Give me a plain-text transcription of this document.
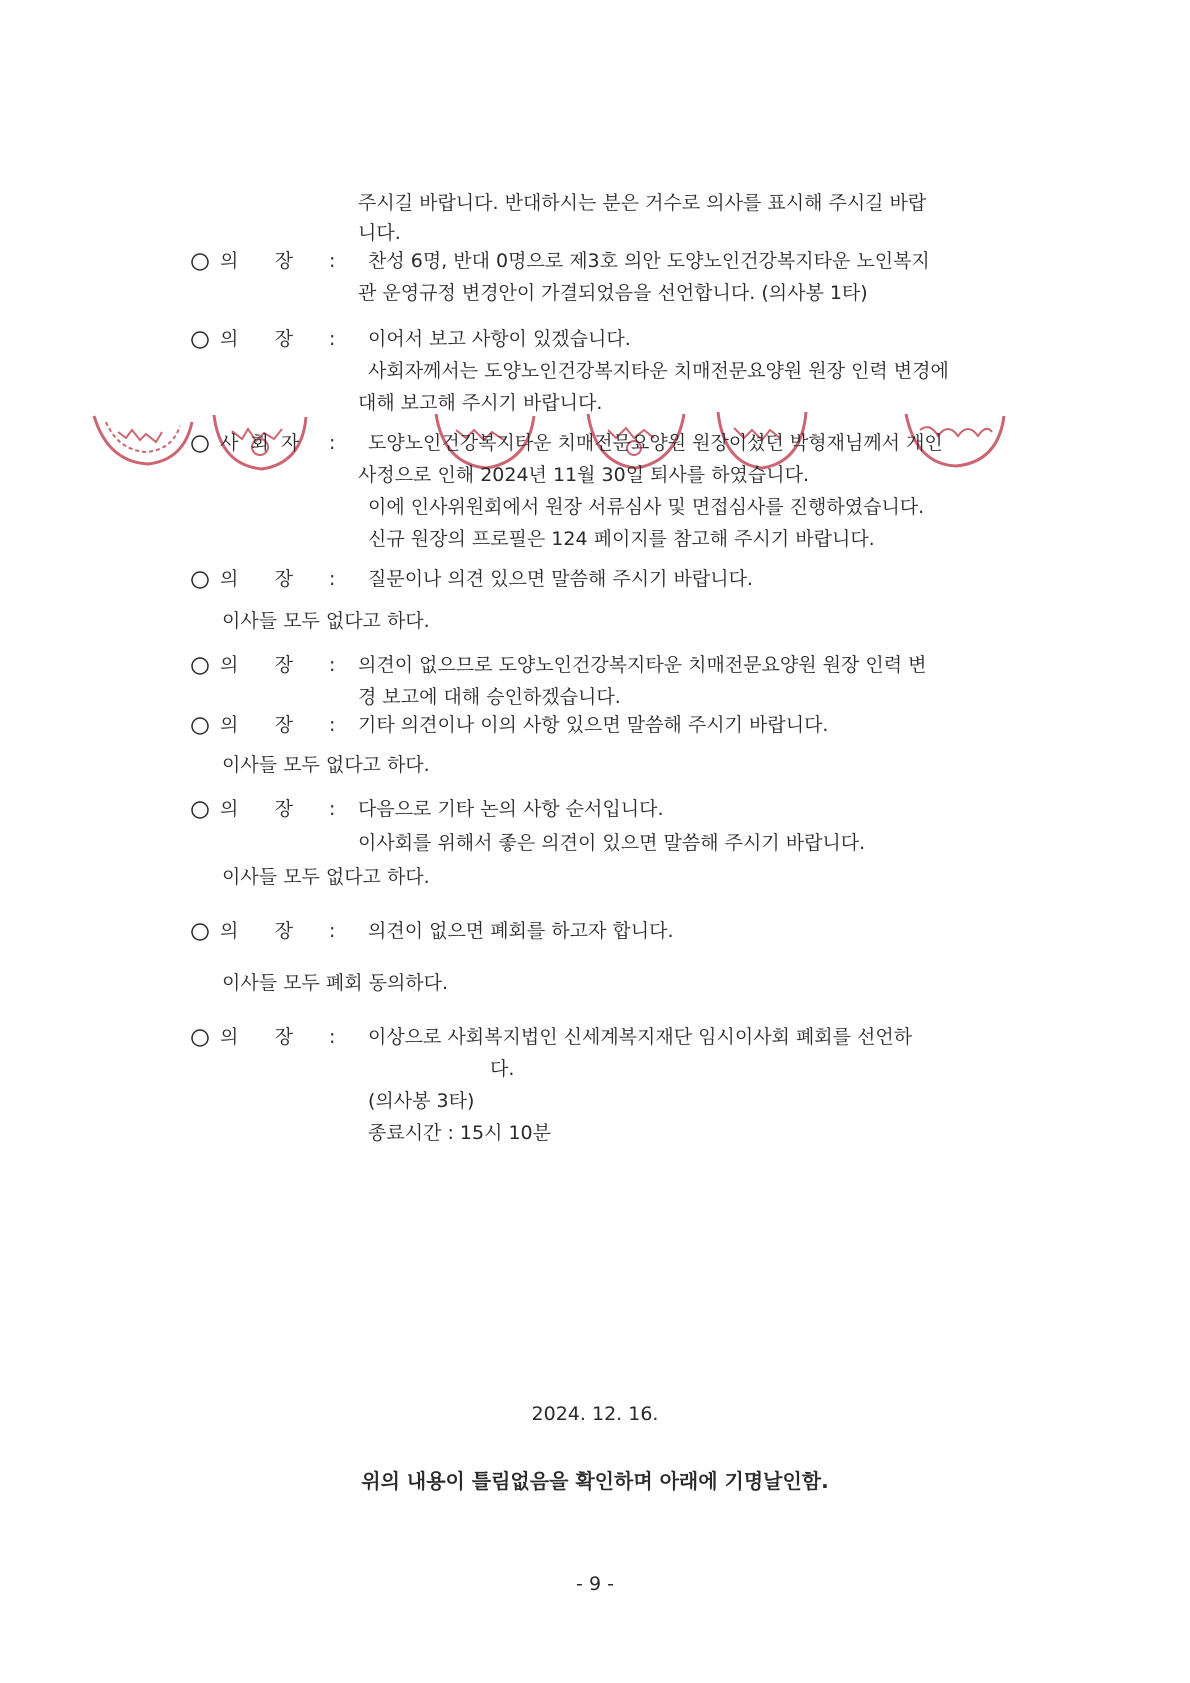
주시길 바랍니다. 반대하시는 분은 거수로 의사를 표시해 주시길 바랍
니다.
의 장 : 찬성 6명, 반대 0명으로 제3호 의안 도양노인건강복지타운 노인복지
관 운영규정 변경안이 가결되었음을 선언합니다. (의사봉 1타)
의 장 : 이어서 보고 사항이 있겠습니다.
사회자께서는 도양노인건강복지타운 치매전문요양원 원장 인력 변경에
대해 보고해 주시기 바랍니다.
사 회 자 : 도양노인건강복지타운 치매전문요양원 원장이셨던 박형재님께서 개인
사정으로 인해 2024년 11월 30일 퇴사를 하였습니다.
이에 인사위원회에서 원장 서류심사 및 면접심사를 진행하였습니다.
신규 원장의 프로필은 124 페이지를 참고해 주시기 바랍니다.
의 장 : 질문이나 의견 있으면 말씀해 주시기 바랍니다.
이사들 모두 없다고 하다.
의 장 : 의견이 없으므로 도양노인건강복지타운 치매전문요양원 원장 인력 변
경 보고에 대해 승인하겠습니다.
의 장 : 기타 의견이나 이의 사항 있으면 말씀해 주시기 바랍니다.
이사들 모두 없다고 하다.
의 장 : 다음으로 기타 논의 사항 순서입니다.
이사회를 위해서 좋은 의견이 있으면 말씀해 주시기 바랍니다.
이사들 모두 없다고 하다.
의 장 : 의견이 없으면 폐회를 하고자 합니다.
이사들 모두 폐회 동의하다.
의 장 : 이상으로 사회복지법인 신세계복지재단 임시이사회 폐회를 선언하
다.
(의사봉 3타)
종료시간 : 15시 10분
2024. 12. 16.
위의 내용이 틀림없음을 확인하며 아래에 기명날인함.
- 9 -
